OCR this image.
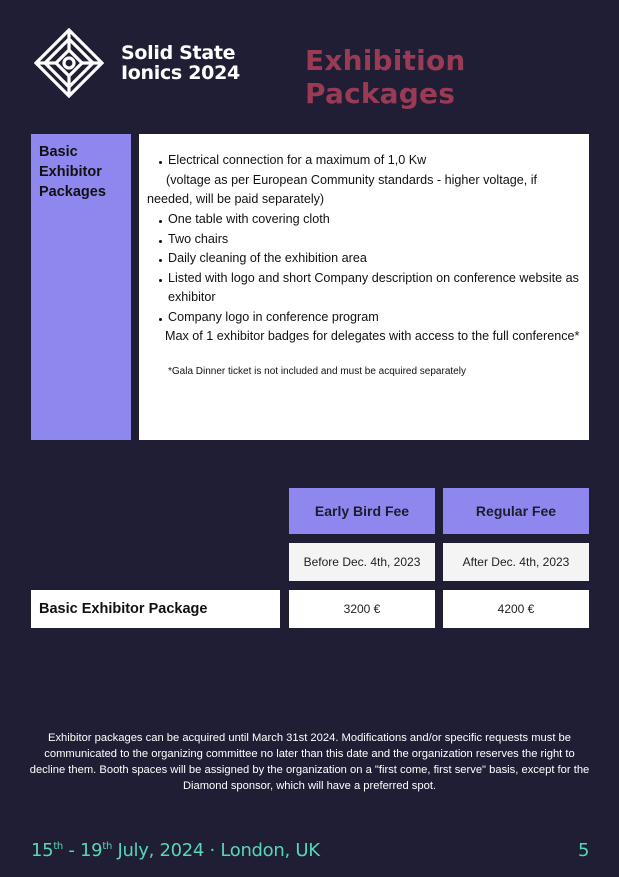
Solid State
Ionics 2024 Exhibition Packages
Basic
Exhibitor
Packages
Electrical connection for a maximum of 1,0 Kw
(voltage as per European Community standards - higher voltage, if
needed, will be paid separately)
One table with covering cloth
Two chairs
Daily cleaning of the exhibition area
Listed with logo and short Company description on conference website as
exhibitor
Company logo in conference program
Max of 1 exhibitor badges for delegates with access to the full conference*
*Gala Dinner ticket is not included and must be acquired separately
Early Bird Fee	Regular Fee
Before Dec. 4th, 2023	After Dec. 4th, 2023
Basic Exhibitor Package	3200 €	4200 €
Exhibitor packages can be acquired until March 31st 2024. Modifications and/or specific requests must be communicated to the organizing committee no later than this date and the organization reserves the right to decline them. Booth spaces will be assigned by the organization on a "first come, first serve" basis, except for the Diamond sponsor, which will have a preferred spot.
15th - 19th July, 2024 · London, UK	5
